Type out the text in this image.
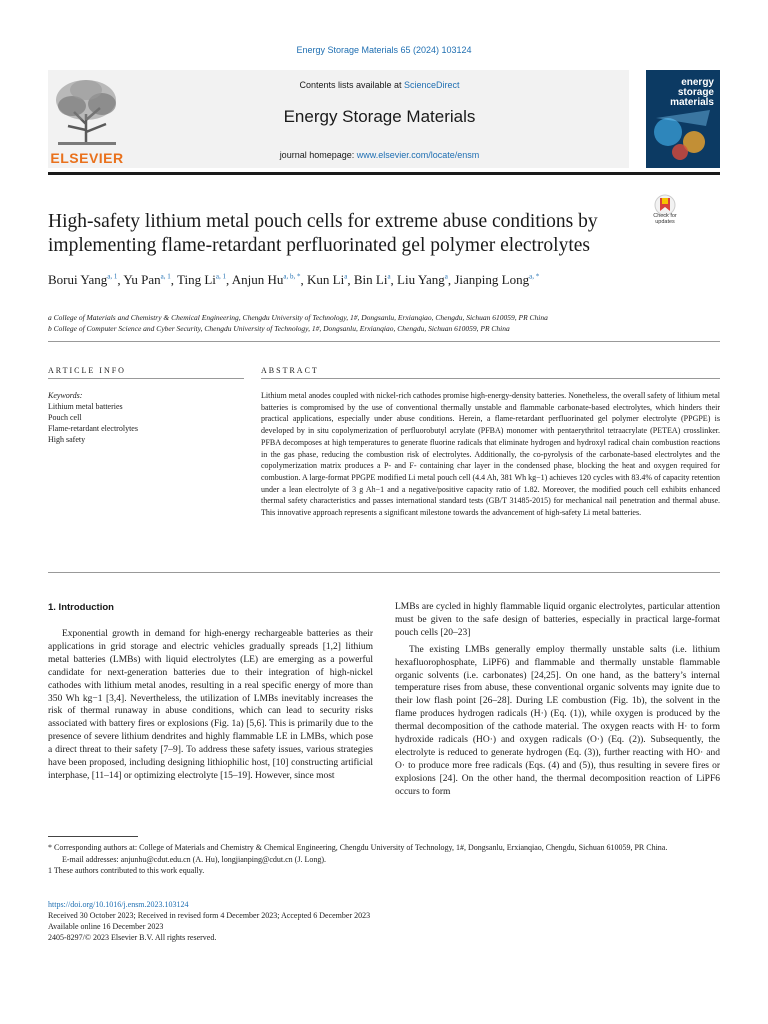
Energy Storage Materials 65 (2024) 103124
ELSEVIER
Contents lists available at ScienceDirect
Energy Storage Materials
journal homepage: www.elsevier.com/locate/ensm
energy
storage
materials
High-safety lithium metal pouch cells for extreme abuse conditions by implementing flame-retardant perfluorinated gel polymer electrolytes
Check for updates
Borui Yang$^{a, 1}$, Yu Pan$^{a, 1}$, Ting Li$^{a, 1}$, Anjun $Hu^{a, b, *}$, Kun Li$^a$, Bin Li$^a$, Liu Yang$^a$, Jianping Long$^{a, *}$
a College of Materials and Chemistry & Chemical Engineering, Chengdu University of Technology, 1#, Dongsanlu, Erxianqiao, Chengdu, Sichuan 610059, PR China
b College of Computer Science and Cyber Security, Chengdu University of Technology, 1#, Dongsanlu, Erxianqiao, Chengdu, Sichuan 610059, PR China
ARTICLE INFO	ABSTRACT
Keywords:
Lithium metal batteries
Pouch cell
Flame-retardant electrolytes
High safety
Lithium metal anodes coupled with nickel-rich cathodes promise high-energy-density batteries. Nonetheless, the overall safety of lithium metal batteries is compromised by the use of conventional thermally unstable and flammable carbonate-based electrolytes, which hinders their practical applications, especially under abuse conditions. Herein, a flame-retardant perfluorinated gel polymer electrolyte (PPGPE) is developed by in situ copolymerization of perfluorobutyl acrylate (PFBA) monomer with pentaerythritol tetraacrylate (PETEA) crosslinker. PFBA decomposes at high temperatures to generate fluorine radicals that eliminate hydrogen and hydroxyl radical chain combustion reactions in the gas phase, reducing the combustion risk of electrolytes. Additionally, the co-pyrolysis of the carbonate-based electrolytes and the copolymerization matrix produces a P- and F- containing char layer in the condensed phase, blocking the heat and oxygen required for combustion. A large-format PPGPE modified Li metal pouch cell (4.4 Ah, 381 Wh kg−1) achieves 120 cycles with 83.4% of capacity retention under a lean electrolyte of 3 g Ah−1 and a negative/positive capacity ratio of 1.82. Moreover, the modified pouch cell exhibits enhanced thermal safety characteristics and passes international standard tests (GB/T 31485-2015) for mechanical nail penetration and thermal abuse. This innovative approach represents a significant milestone towards the advancement of high-safety Li metal batteries.
1. Introduction

Exponential growth in demand for high-energy rechargeable batteries as their applications in grid storage and electric vehicles gradually spreads [1,2] lithium metal batteries (LMBs) with liquid electrolytes (LE) are emerging as a powerful candidate for next-generation batteries due to their integration of high-nickel cathodes with lithium metal anodes, resulting in a real specific energy of more than 350 Wh kg−1 [3,4]. Nevertheless, the utilization of LMBs inevitably increases the risk of thermal runaway in abuse conditions, which can lead to security risks associated with battery fires or explosions (Fig. 1a) [5,6]. This is primarily due to the presence of severe lithium dendrites and highly flammable LE in LMBs, which pose a direct threat to their safety [7–9]. To address these safety issues, various strategies have been proposed, including designing lithiophilic host, [10] constructing artificial interphase, [11–14] or optimizing electrolyte [15–19]. However, since most

LMBs are cycled in highly flammable liquid organic electrolytes, particular attention must be given to the safe design of batteries, especially in practical large-format pouch cells [20–23]

The existing LMBs generally employ thermally unstable salts (i.e. lithium hexafluorophosphate, LiPF6) and flammable and thermally unstable flammable organic solvents (i.e. carbonates) [24,25]. On one hand, as the battery’s internal temperature rises from abuse, these conventional organic solvents may ignite due to their low flash point [26–28]. During LE combustion (Fig. 1b), the solvent in the flame produces hydrogen radicals (H·) (Eq. (1)), while oxygen is produced by the thermal decomposition of the cathode material. The oxygen reacts with H· to form hydroxide radicals (HO·) and oxygen radicals (O·) (Eq. (2)). Subsequently, the electrolyte is reduced to generate hydrogen (Eq. (3)), further reacting with HO· and O· to produce more free radicals (Eqs. (4) and (5)), thus resulting in severe fires or explosions [24]. On the other hand, the thermal decomposition reaction of LiPF6 occurs to form

* Corresponding authors at: College of Materials and Chemistry & Chemical Engineering, Chengdu University of Technology, 1#, Dongsanlu, Erxianqiao, Chengdu, Sichuan 610059, PR China.
E-mail addresses: anjunhu@cdut.edu.cn (A. Hu), longjianping@cdut.cn (J. Long).
1 These authors contributed to this work equally.
https://doi.org/10.1016/j.ensm.2023.103124
Received 30 October 2023; Received in revised form 4 December 2023; Accepted 6 December 2023
Available online 16 December 2023
2405-8297/© 2023 Elsevier B.V. All rights reserved.
